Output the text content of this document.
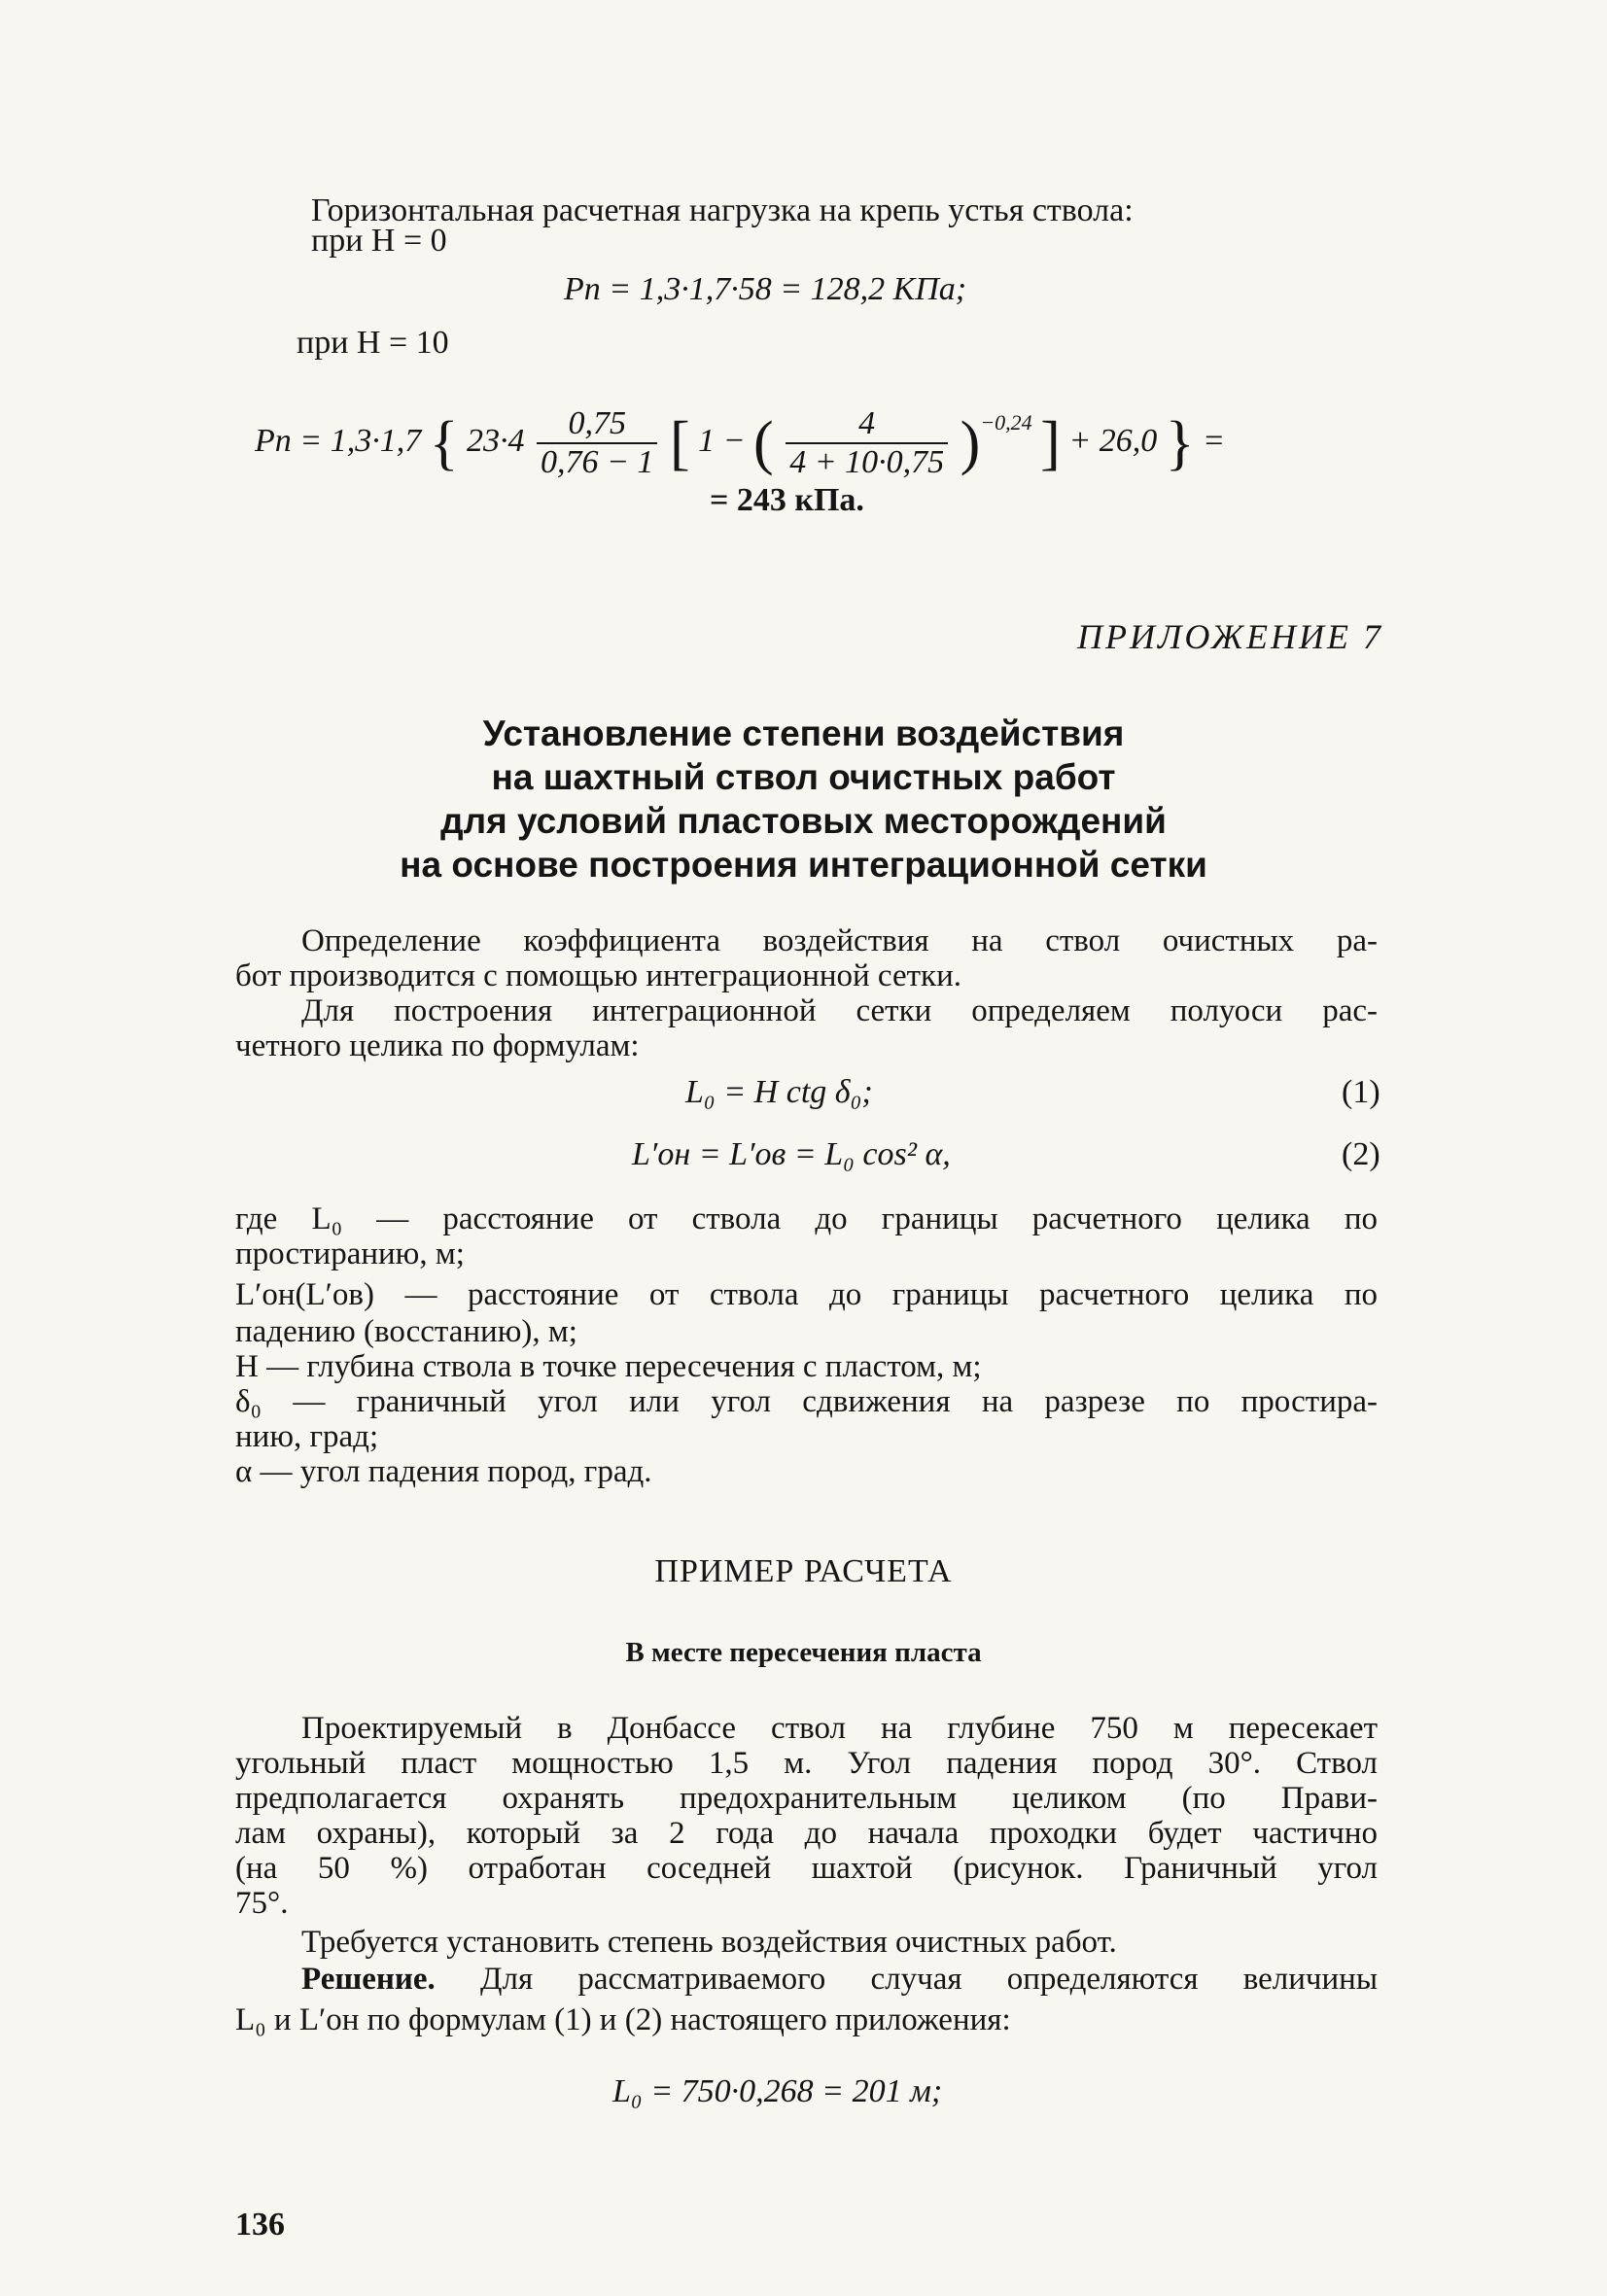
Горизонтальная расчетная нагрузка на крепь устья ствола:
при H = 0
Pп = 1,3·1,7·58 = 128,2 КПа;
при H = 10
Pп = 1,3·1,7 { $23\cdot 4 \frac{0,75}{0,76 - 1}$ [ 1 − ( $\frac{4}{4 + 10\cdot 0,75} )^{-0,24}$ ] + 26,0 } =
= 243 кПа.
ПРИЛОЖЕНИЕ 7
Установление степени воздействия
на шахтный ствол очистных работ
для условий пластовых месторождений
на основе построения интеграционной сетки
Определение коэффициента воздействия на ствол очистных ра-
бот производится с помощью интеграционной сетки.
Для построения интеграционной сетки определяем полуоси рас-
четного целика по формулам:
L₀ = H ctg δ₀;	(1)
L′он = L′ов = L₀ cos² α,	(2)
где L₀ — расстояние от ствола до границы расчетного целика по
простиранию, м;
L′он(L′ов) — расстояние от ствола до границы расчетного целика по
падению (восстанию), м;
H — глубина ствола в точке пересечения с пластом, м;
δ₀ — граничный угол или угол сдвижения на разрезе по простира-
нию, град;
α — угол падения пород, град.
ПРИМЕР РАСЧЕТА
В месте пересечения пласта
Проектируемый в Донбассе ствол на глубине 750 м пересекает
угольный пласт мощностью 1,5 м. Угол падения пород 30°. Ствол
предполагается охранять предохранительным целиком (по Прави-
лам охраны), который за 2 года до начала проходки будет частично
(на 50 %) отработан соседней шахтой (рисунок. Граничный угол
75°.
Требуется установить степень воздействия очистных работ.
Решение. Для рассматриваемого случая определяются величины
L₀ и L′он по формулам (1) и (2) настоящего приложения:
L₀ = 750·0,268 = 201 м;
136
